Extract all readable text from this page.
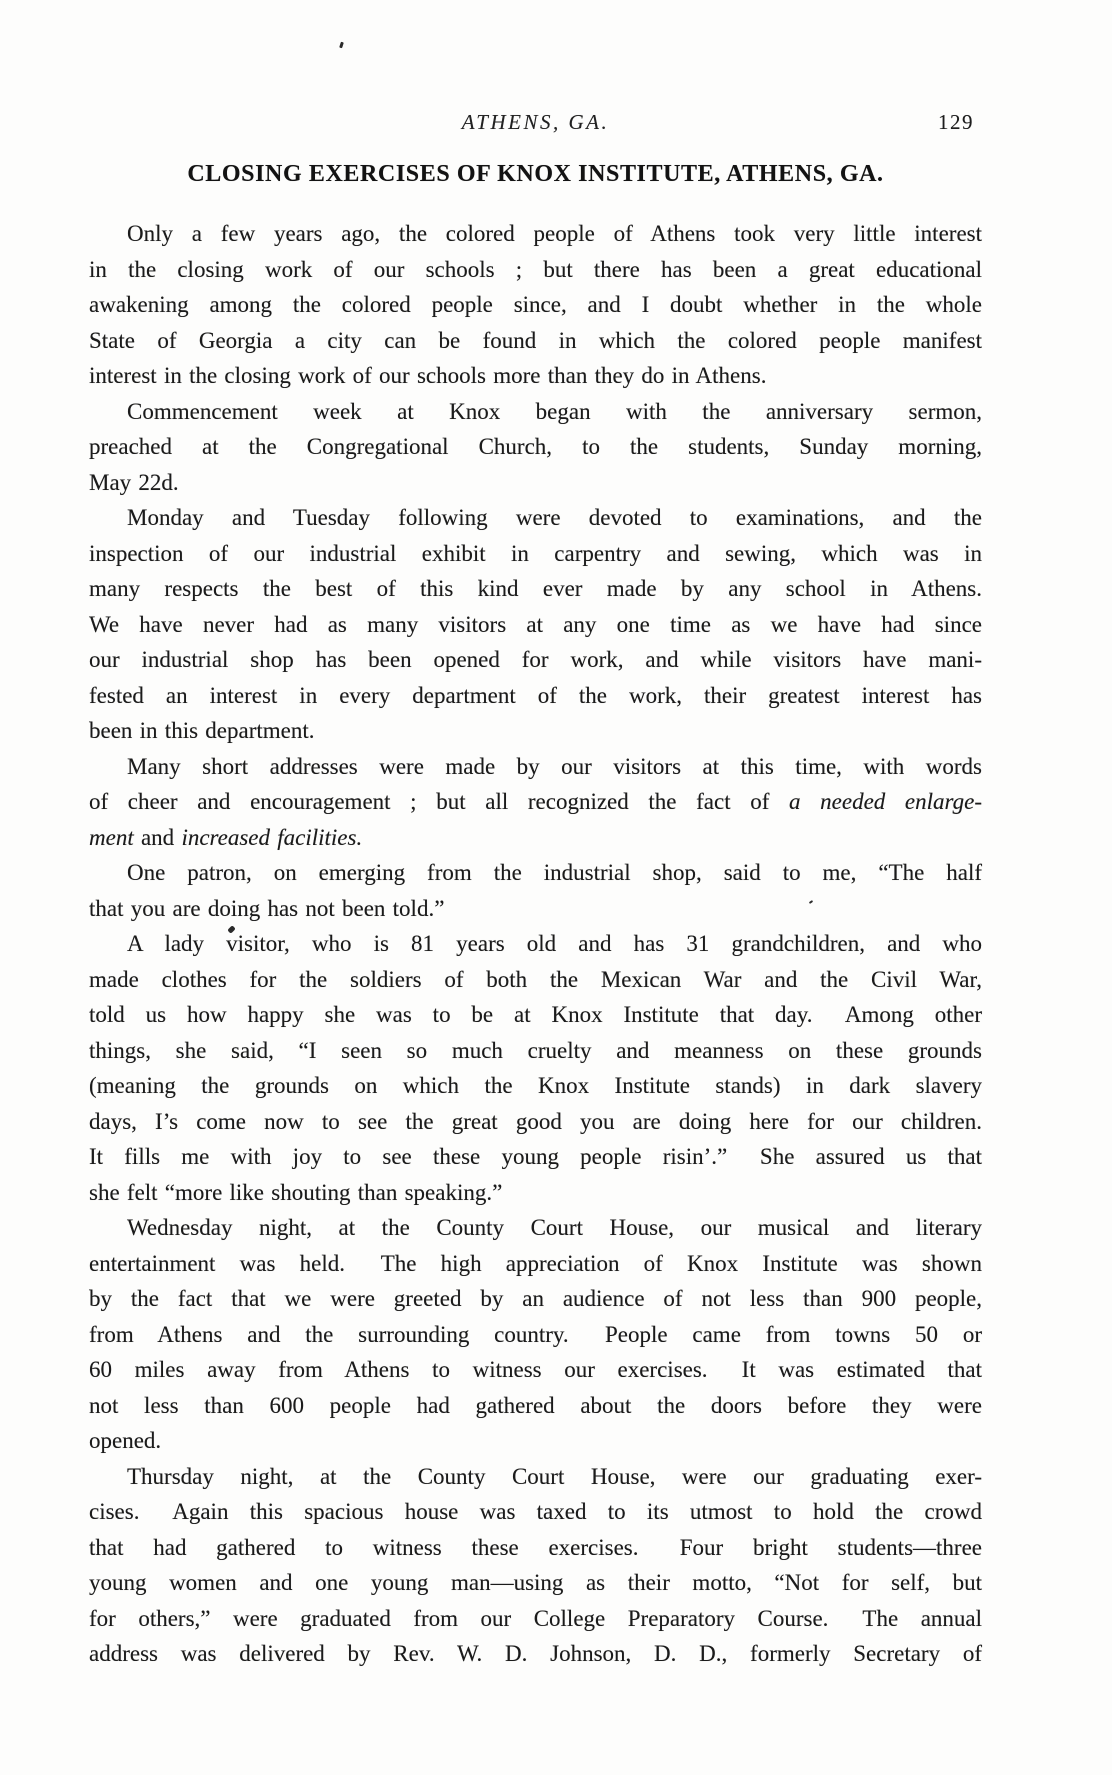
ATHENS, GA.	129
CLOSING EXERCISES OF KNOX INSTITUTE, ATHENS, GA.
Only a few years ago, the colored people of Athens took very little interest
in the closing work of our schools ; but there has been a great educational
awakening among the colored people since, and I doubt whether in the whole
State of Georgia a city can be found in which the colored people manifest
interest in the closing work of our schools more than they do in Athens.
Commencement week at Knox began with the anniversary sermon,
preached at the Congregational Church, to the students, Sunday morning,
May 22d.
Monday and Tuesday following were devoted to examinations, and the
inspection of our industrial exhibit in carpentry and sewing, which was in
many respects the best of this kind ever made by any school in Athens.
We have never had as many visitors at any one time as we have had since
our industrial shop has been opened for work, and while visitors have mani-
fested an interest in every department of the work, their greatest interest has
been in this department.
Many short addresses were made by our visitors at this time, with words
of cheer and encouragement ; but all recognized the fact of a needed enlarge-
ment and increased facilities.
One patron, on emerging from the industrial shop, said to me, “The half
that you are doing has not been told.”
A lady visitor, who is 81 years old and has 31 grandchildren, and who
made clothes for the soldiers of both the Mexican War and the Civil War,
told us how happy she was to be at Knox Institute that day.  Among other
things, she said, “I seen so much cruelty and meanness on these grounds
(meaning the grounds on which the Knox Institute stands) in dark slavery
days, I’s come now to see the great good you are doing here for our children.
It fills me with joy to see these young people risin’.”  She assured us that
she felt “more like shouting than speaking.”
Wednesday night, at the County Court House, our musical and literary
entertainment was held.  The high appreciation of Knox Institute was shown
by the fact that we were greeted by an audience of not less than 900 people,
from Athens and the surrounding country.  People came from towns 50 or
60 miles away from Athens to witness our exercises.  It was estimated that
not less than 600 people had gathered about the doors before they were
opened.
Thursday night, at the County Court House, were our graduating exer-
cises.  Again this spacious house was taxed to its utmost to hold the crowd
that had gathered to witness these exercises.  Four bright students—three
young women and one young man—using as their motto, “Not for self, but
for others,” were graduated from our College Preparatory Course.  The annual
address was delivered by Rev. W. D. Johnson, D. D., formerly Secretary of
